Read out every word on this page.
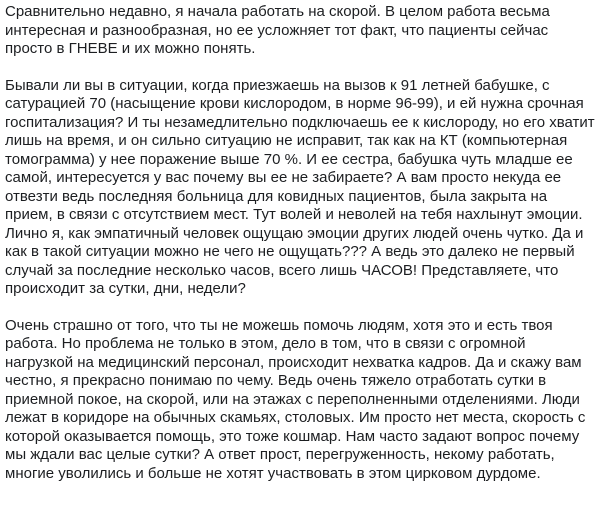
Сравнительно недавно, я начала работать на скорой. В целом работа весьма интересная и разнообразная, но ее усложняет тот факт, что пациенты сейчас просто в ГНЕВЕ и их можно понять.

Бывали ли вы в ситуации, когда приезжаешь на вызов к 91 летней бабушке, с сатурацией 70 (насыщение крови кислородом, в норме 96-99), и ей нужна срочная госпитализация? И ты незамедлительно подключаешь ее к кислороду, но его хватит лишь на время, и он сильно ситуацию не исправит, так как на КТ (компьютерная томограмма) у нее поражение выше 70 %. И ее сестра, бабушка чуть младше ее самой, интересуется у вас почему вы ее не забираете? А вам просто некуда ее отвезти ведь последняя больница для ковидных пациентов, была закрыта на прием, в связи с отсутствием мест. Тут волей и неволей на тебя нахлынут эмоции. Лично я, как эмпатичный человек ощущаю эмоции других людей очень чутко. Да и как в такой ситуации можно не чего не ощущать??? А ведь это далеко не первый случай за последние несколько часов, всего лишь ЧАСОВ! Представляете, что происходит за сутки, дни, недели?

Очень страшно от того, что ты не можешь помочь людям, хотя это и есть твоя работа. Но проблема не только в этом, дело в том, что в связи с огромной нагрузкой на медицинский персонал, происходит нехватка кадров. Да и скажу вам честно, я прекрасно понимаю по чему. Ведь очень тяжело отработать сутки в приемной покое, на скорой, или на этажах с переполненными отделениями. Люди лежат в коридоре на обычных скамьях, столовых. Им просто нет места, скорость с которой оказывается помощь, это тоже кошмар. Нам часто задают вопрос почему мы ждали вас целые сутки? А ответ прост, перегруженность, некому работать, многие уволились и больше не хотят участвовать в этом цирковом дурдоме.
